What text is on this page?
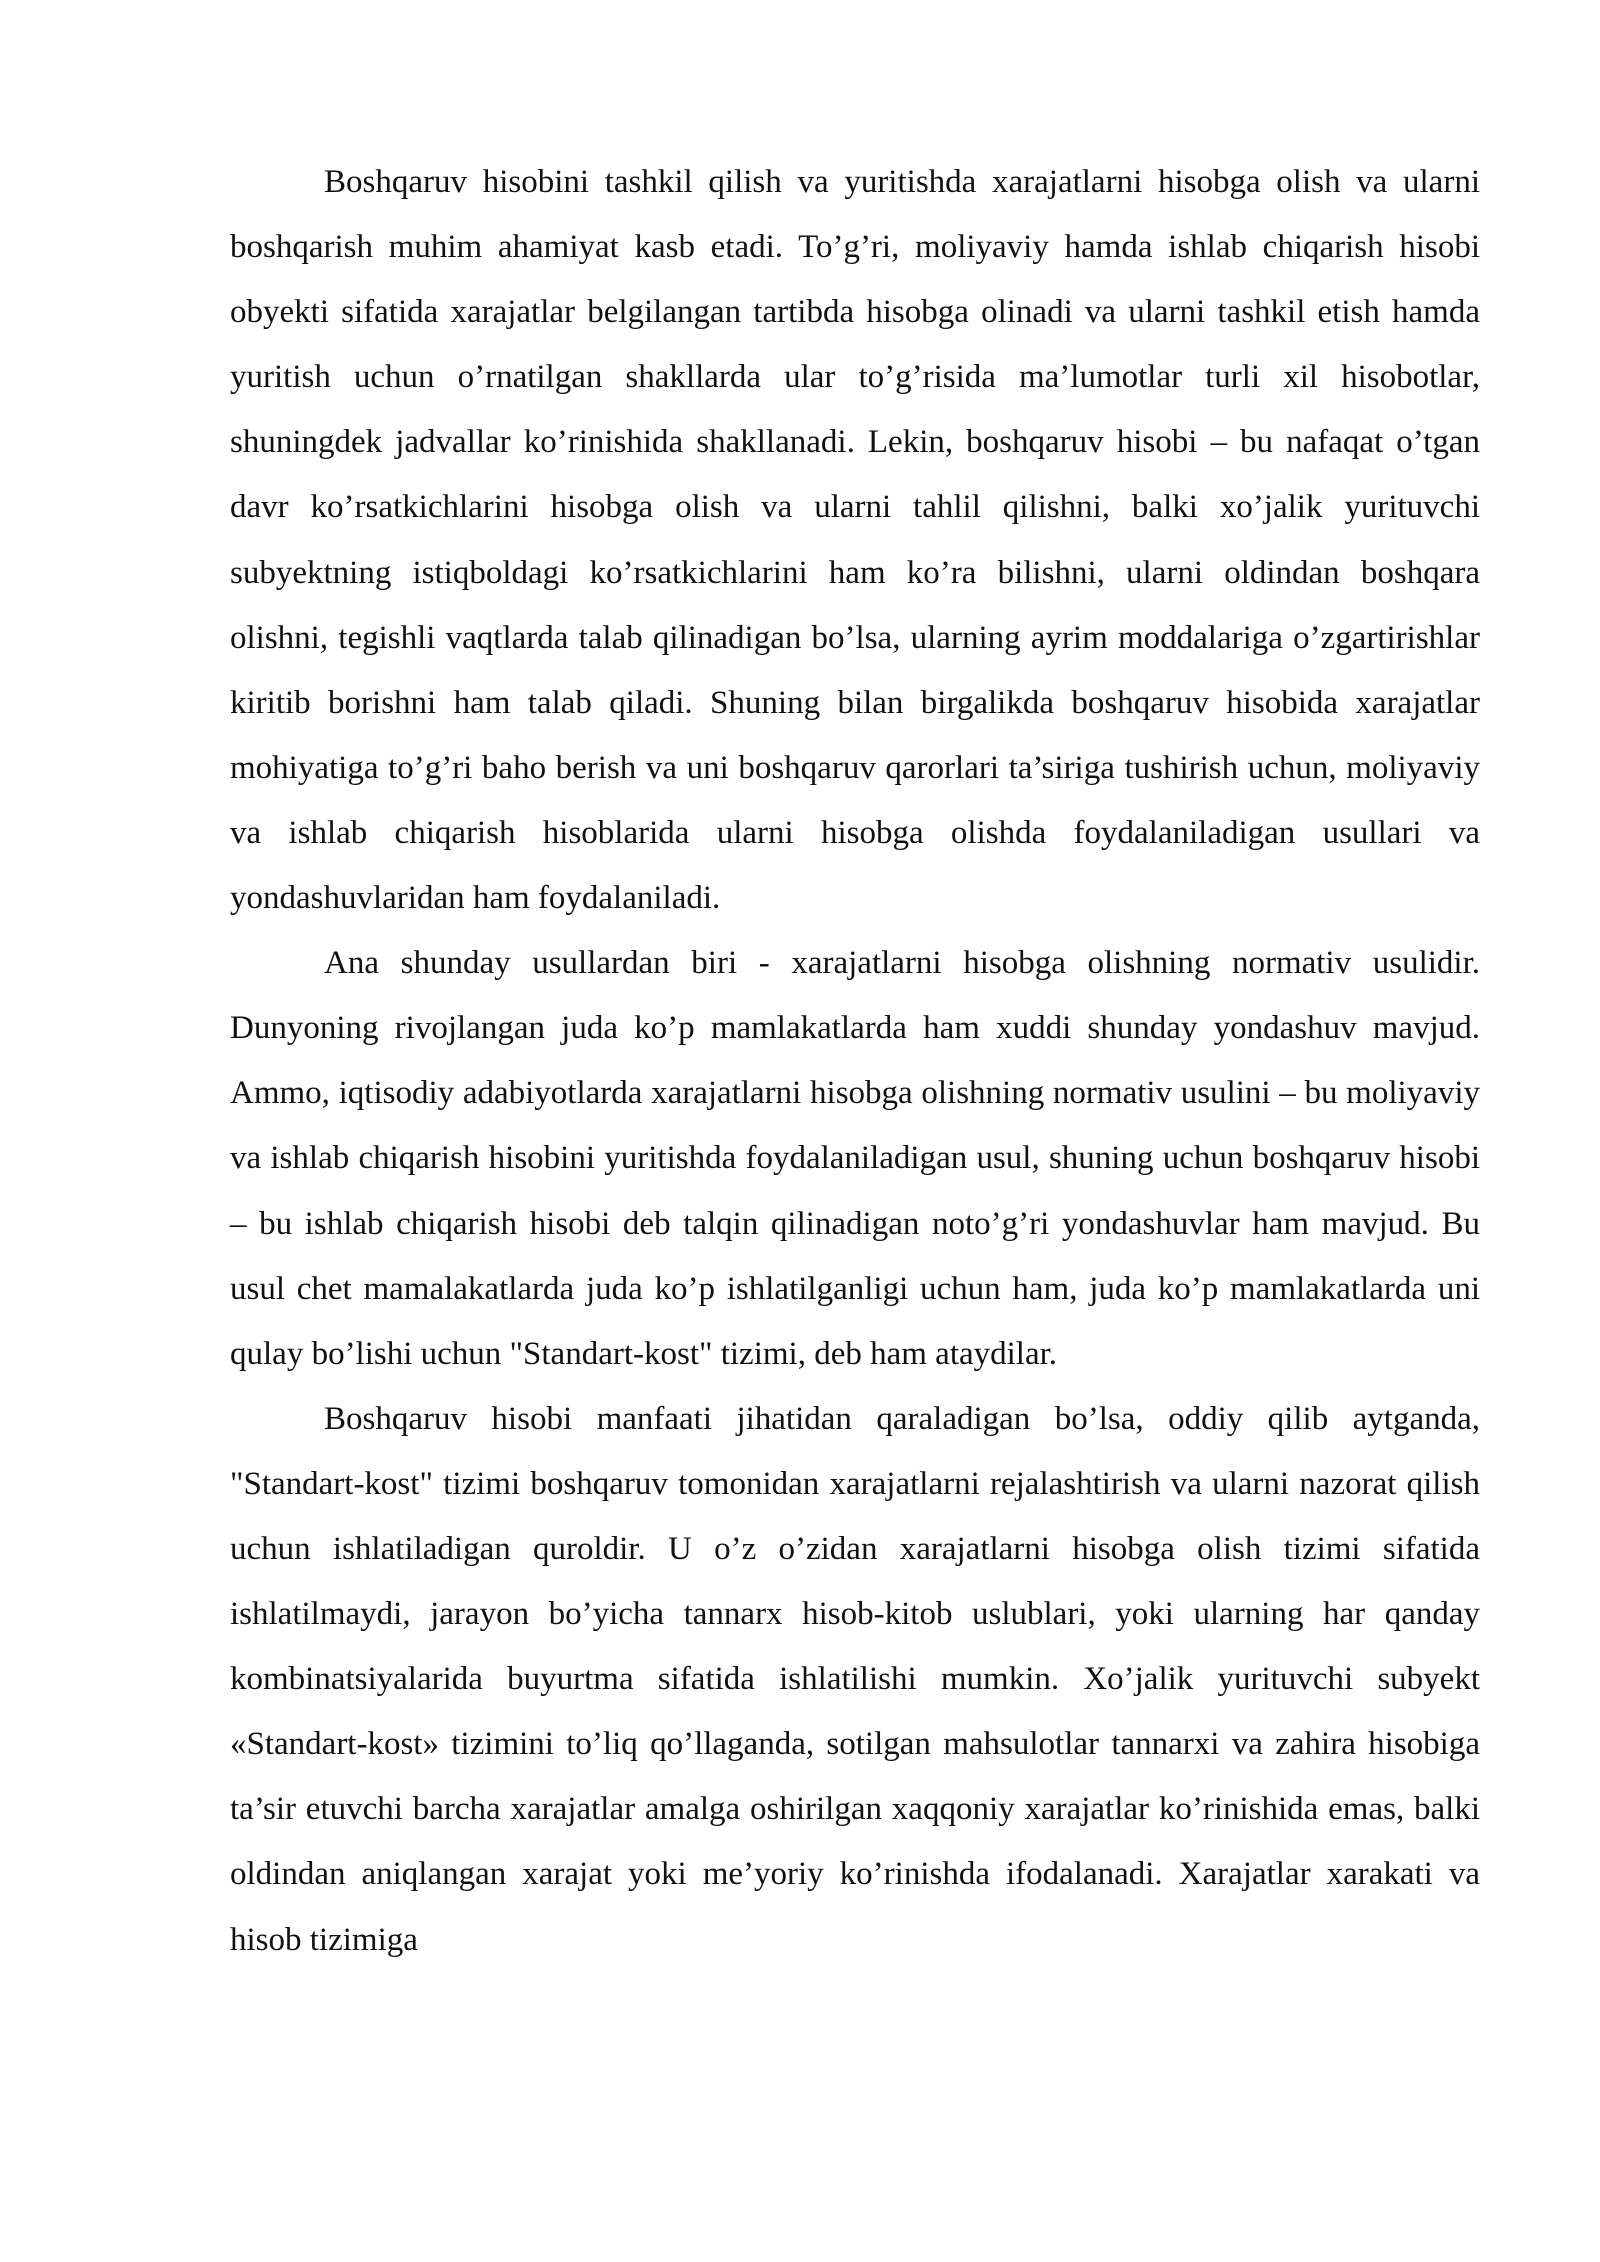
Boshqaruv hisobini tashkil qilish va yuritishda xarajatlarni hisobga olish va ularni boshqarish muhim ahamiyat kasb etadi. To’g’ri, moliyaviy hamda ishlab chiqarish hisobi obyekti sifatida xarajatlar belgilangan tartibda hisobga olinadi va ularni tashkil etish hamda yuritish uchun o’rnatilgan shakllarda ular to’g’risida ma’lumotlar turli xil hisobotlar, shuningdek jadvallar ko’rinishida shakllanadi. Lekin, boshqaruv hisobi – bu nafaqat o’tgan davr ko’rsatkichlarini hisobga olish va ularni tahlil qilishni, balki xo’jalik yurituvchi subyektning istiqboldagi ko’rsatkichlarini ham ko’ra bilishni, ularni oldindan boshqara olishni, tegishli vaqtlarda talab qilinadigan bo’lsa, ularning ayrim moddalariga o’zgartirishlar kiritib borishni ham talab qiladi. Shuning bilan birgalikda boshqaruv hisobida xarajatlar mohiyatiga to’g’ri baho berish va uni boshqaruv qarorlari ta’siriga tushirish uchun, moliyaviy va ishlab chiqarish hisoblarida ularni hisobga olishda foydalaniladigan usullari va yondashuvlaridan ham foydalaniladi.

Ana shunday usullardan biri - xarajatlarni hisobga olishning normativ usulidir. Dunyoning rivojlangan juda ko’p mamlakatlarda ham xuddi shunday yondashuv mavjud. Ammo, iqtisodiy adabiyotlarda xarajatlarni hisobga olishning normativ usulini – bu moliyaviy va ishlab chiqarish hisobini yuritishda foydalaniladigan usul, shuning uchun boshqaruv hisobi – bu ishlab chiqarish hisobi deb talqin qilinadigan noto’g’ri yondashuvlar ham mavjud. Bu usul chet mamalakatlarda juda ko’p ishlatilganligi uchun ham, juda ko’p mamlakatlarda uni qulay bo’lishi uchun "Standart-kost" tizimi, deb ham ataydilar.

Boshqaruv hisobi manfaati jihatidan qaraladigan bo’lsa, oddiy qilib aytganda, "Standart-kost" tizimi boshqaruv tomonidan xarajatlarni rejalashtirish va ularni nazorat qilish uchun ishlatiladigan quroldir. U o’z o’zidan xarajatlarni hisobga olish tizimi sifatida ishlatilmaydi, jarayon bo’yicha tannarx hisob-kitob uslublari, yoki ularning har qanday kombinatsiyalarida buyurtma sifatida ishlatilishi mumkin. Xo’jalik yurituvchi subyekt «Standart-kost» tizimini to’liq qo’llaganda, sotilgan mahsulotlar tannarxi va zahira hisobiga ta’sir etuvchi barcha xarajatlar amalga oshirilgan xaqqoniy xarajatlar ko’rinishida emas, balki oldindan aniqlangan xarajat yoki me’yoriy ko’rinishda ifodalanadi. Xarajatlar xarakati va hisob tizimiga
